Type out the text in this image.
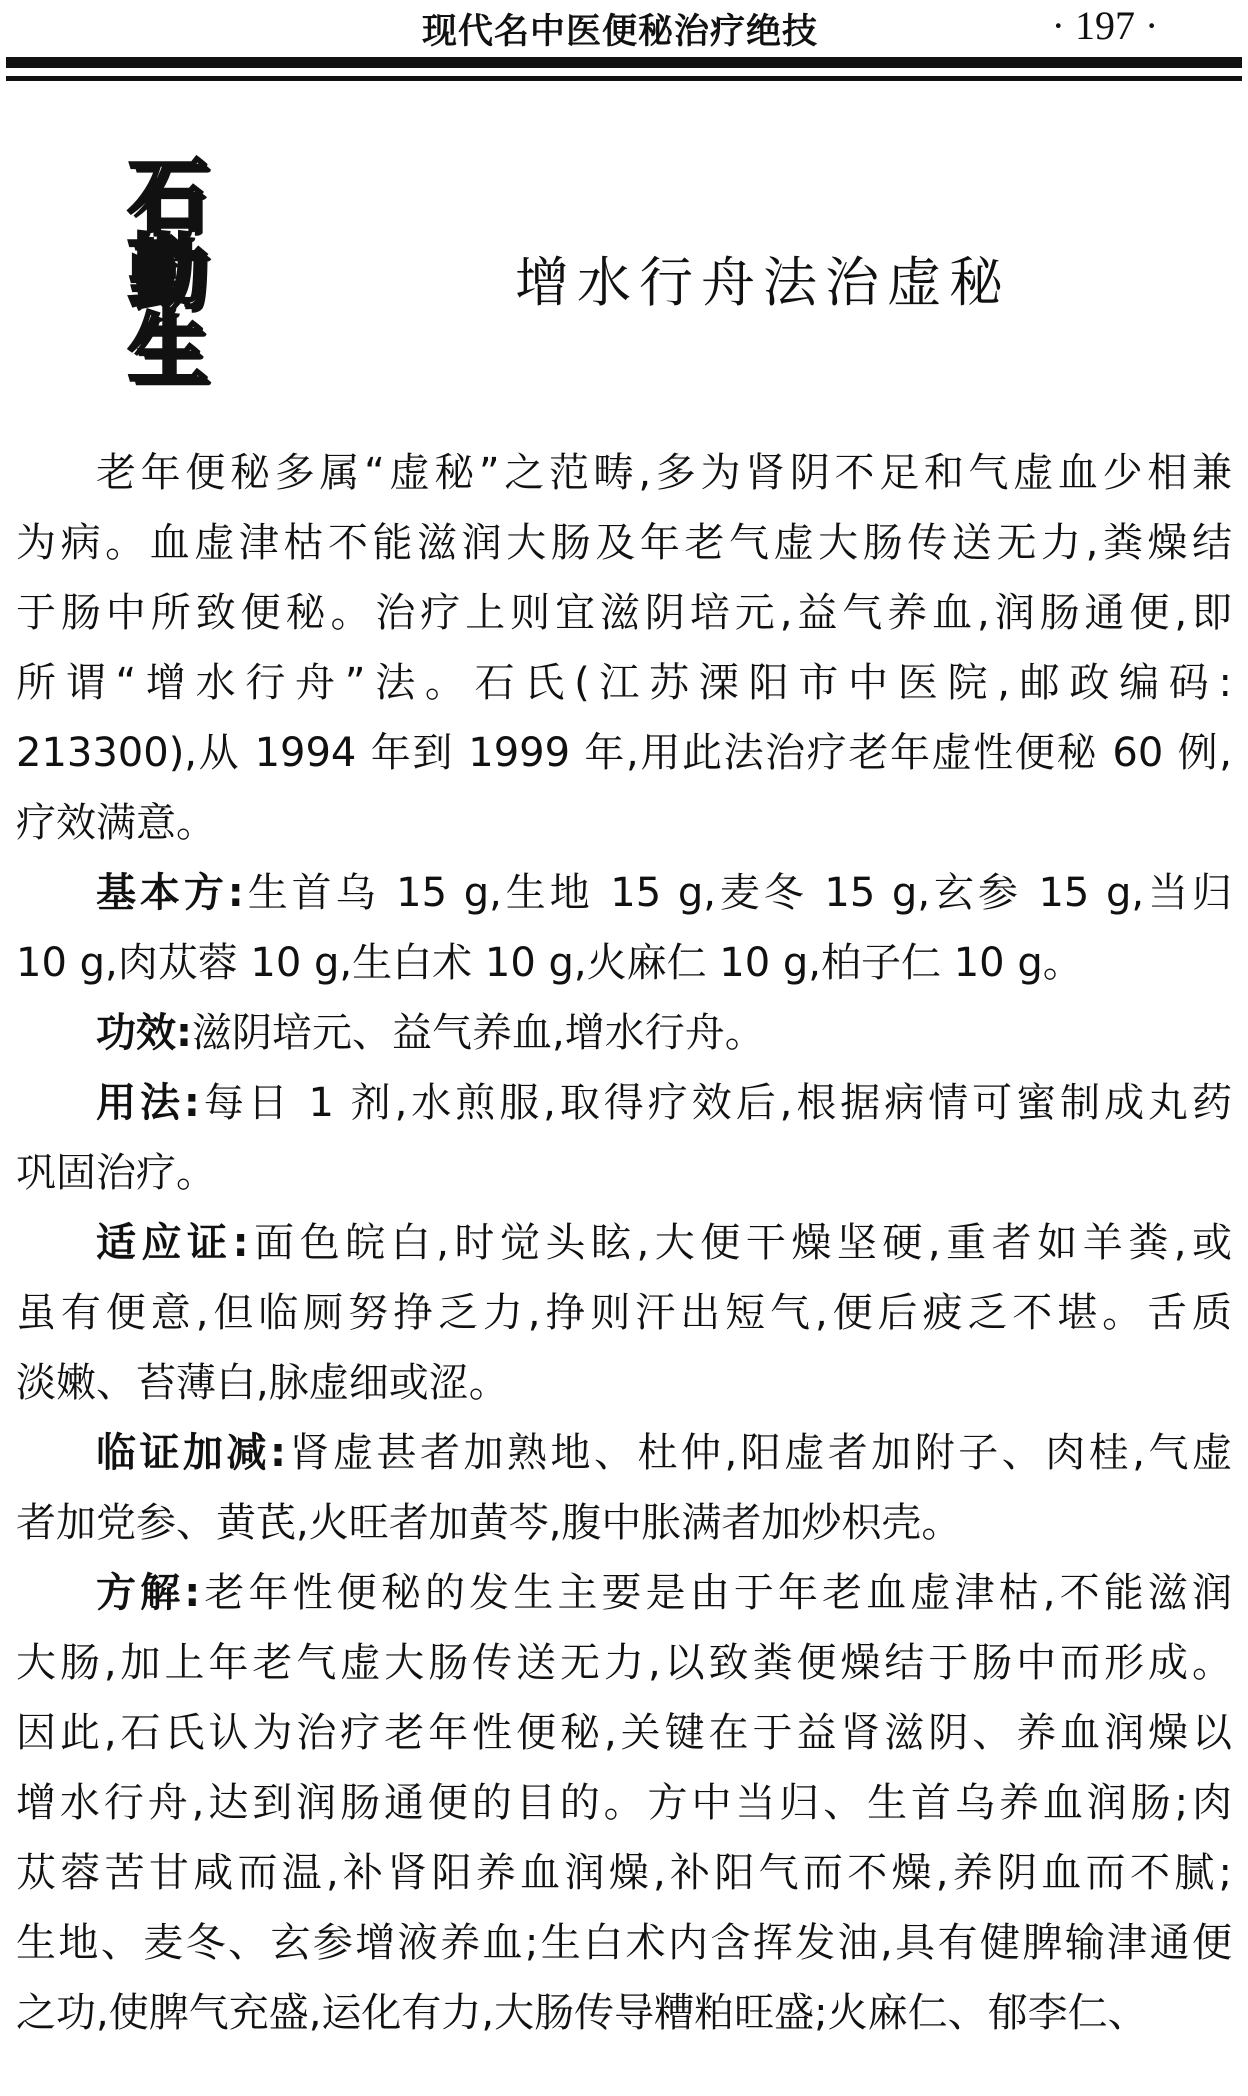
现代名中医便秘治疗绝技	· 197 ·
石
勤
生
增水行舟法治虚秘
老年便秘多属“虚秘”之范畴,多为肾阴不足和气虚血少相兼
为病。血虚津枯不能滋润大肠及年老气虚大肠传送无力,粪燥结
于肠中所致便秘。治疗上则宜滋阴培元,益气养血,润肠通便,即
所谓“增水行舟”法。石氏(江苏溧阳市中医院,邮政编码:
213300),从 1994 年到 1999 年,用此法治疗老年虚性便秘 60 例,
疗效满意。
基本方:生首乌 15 g,生地 15 g,麦冬 15 g,玄参 15 g,当归
10 g,肉苁蓉 10 g,生白术 10 g,火麻仁 10 g,柏子仁 10 g。
功效:滋阴培元、益气养血,增水行舟。
用法:每日 1 剂,水煎服,取得疗效后,根据病情可蜜制成丸药
巩固治疗。
适应证:面色皖白,时觉头眩,大便干燥坚硬,重者如羊粪,或
虽有便意,但临厕努挣乏力,挣则汗出短气,便后疲乏不堪。舌质
淡嫩、苔薄白,脉虚细或涩。
临证加减:肾虚甚者加熟地、杜仲,阳虚者加附子、肉桂,气虚
者加党参、黄芪,火旺者加黄芩,腹中胀满者加炒枳壳。
方解:老年性便秘的发生主要是由于年老血虚津枯,不能滋润
大肠,加上年老气虚大肠传送无力,以致粪便燥结于肠中而形成。
因此,石氏认为治疗老年性便秘,关键在于益肾滋阴、养血润燥以
增水行舟,达到润肠通便的目的。方中当归、生首乌养血润肠;肉
苁蓉苦甘咸而温,补肾阳养血润燥,补阳气而不燥,养阴血而不腻;
生地、麦冬、玄参增液养血;生白术内含挥发油,具有健脾输津通便
之功,使脾气充盛,运化有力,大肠传导糟粕旺盛;火麻仁、郁李仁、
